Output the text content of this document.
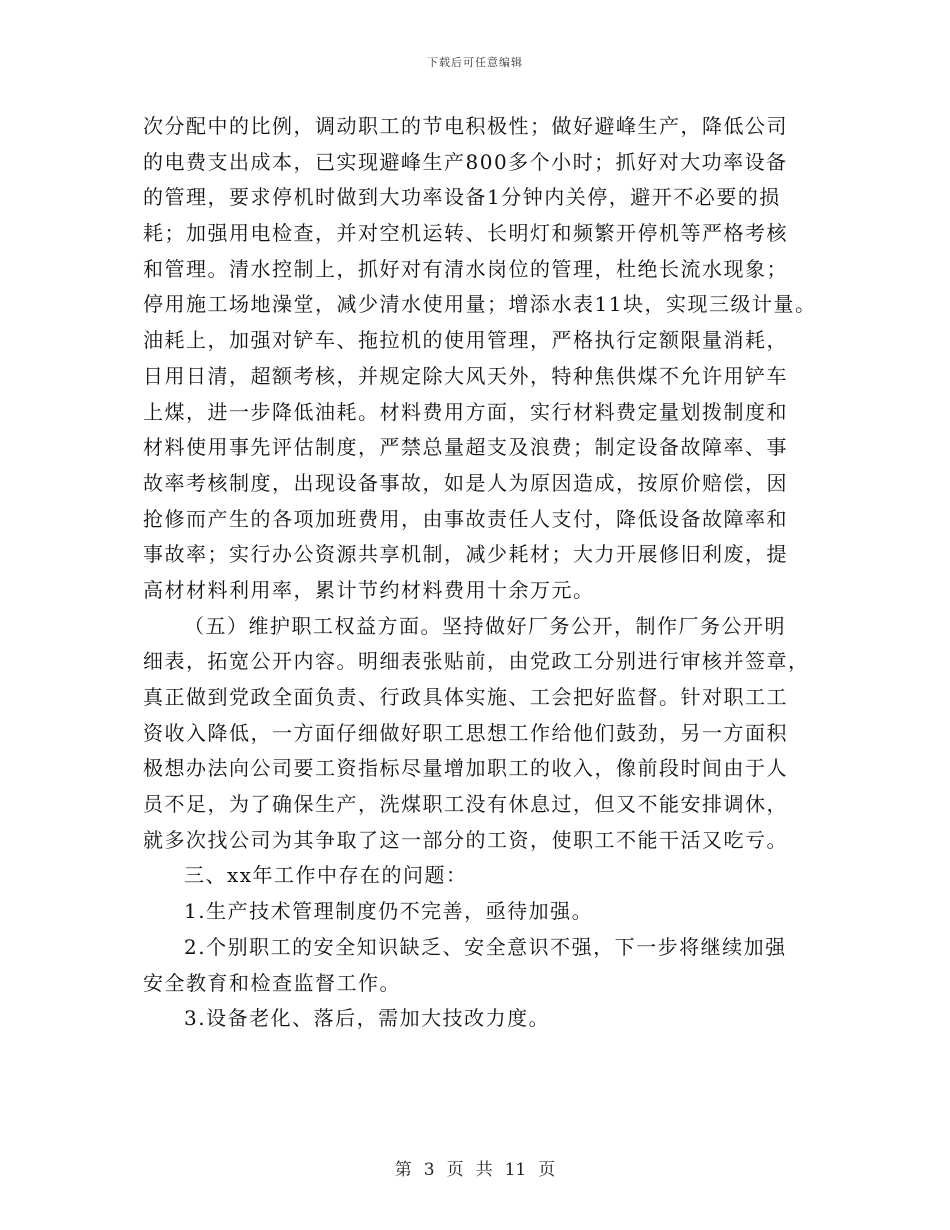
下载后可任意编辑
次分配中的比例，调动职工的节电积极性；做好避峰生产，降低公司
的电费支出成本，已实现避峰生产800多个小时；抓好对大功率设备
的管理，要求停机时做到大功率设备1分钟内关停，避开不必要的损
耗；加强用电检查，并对空机运转、长明灯和频繁开停机等严格考核
和管理。清水控制上，抓好对有清水岗位的管理，杜绝长流水现象；
停用施工场地澡堂，减少清水使用量；增添水表11块，实现三级计量。
油耗上，加强对铲车、拖拉机的使用管理，严格执行定额限量消耗，
日用日清，超额考核，并规定除大风天外，特种焦供煤不允许用铲车
上煤，进一步降低油耗。材料费用方面，实行材料费定量划拨制度和
材料使用事先评估制度，严禁总量超支及浪费；制定设备故障率、事
故率考核制度，出现设备事故，如是人为原因造成，按原价赔偿，因
抢修而产生的各项加班费用，由事故责任人支付，降低设备故障率和
事故率；实行办公资源共享机制，减少耗材；大力开展修旧利废，提
高材材料利用率，累计节约材料费用十余万元。
（五）维护职工权益方面。坚持做好厂务公开，制作厂务公开明
细表，拓宽公开内容。明细表张贴前，由党政工分别进行审核并签章，
真正做到党政全面负责、行政具体实施、工会把好监督。针对职工工
资收入降低，一方面仔细做好职工思想工作给他们鼓劲，另一方面积
极想办法向公司要工资指标尽量增加职工的收入，像前段时间由于人
员不足，为了确保生产，洗煤职工没有休息过，但又不能安排调休，
就多次找公司为其争取了这一部分的工资，使职工不能干活又吃亏。
三、xx年工作中存在的问题：
1.生产技术管理制度仍不完善，亟待加强。
2.个别职工的安全知识缺乏、安全意识不强，下一步将继续加强
安全教育和检查监督工作。
3.设备老化、落后，需加大技改力度。
第 3 页 共 11 页
